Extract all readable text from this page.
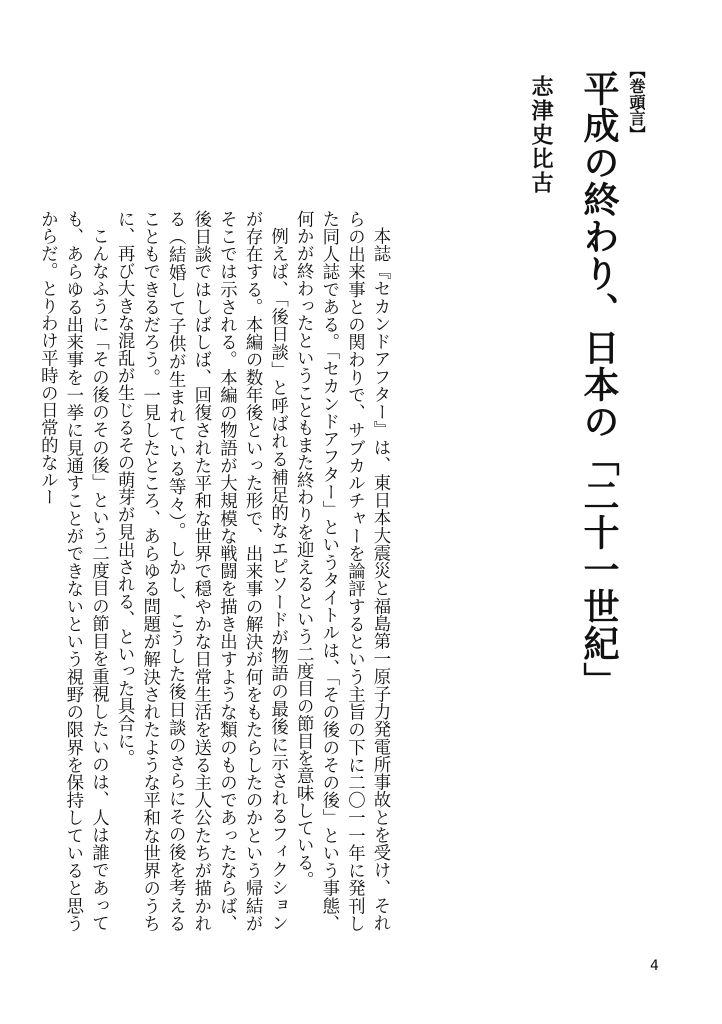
【巻頭言】
平成の終わり、日本の「二十一世紀」
志津史比古

本誌『セカンドアフター』は、東日本大震災と福島第一原子力発電所事故とを受け、それらの出来事との関わりで、サブカルチャーを論評するという主旨の下に二〇一一年に発刊した同人誌である。「セカンドアフター」というタイトルは、「その後のその後」という事態、何かが終わったということもまた終わりを迎えるという二度目の節目を意味している。

例えば、「後日談」と呼ばれる補足的なエピソードが物語の最後に示されるフィクションが存在する。本編の数年後といった形で、出来事の解決が何をもたらしたのかという帰結がそこでは示される。本編の物語が大規模な戦闘を描き出すような類のものであったならば、後日談ではしばしば、回復された平和な世界で穏やかな日常生活を送る主人公たちが描かれる（結婚して子供が生まれている等々）。しかし、こうした後日談のさらにその後を考えることもできるだろう。一見したところ、あらゆる問題が解決されたような平和な世界のうちに、再び大きな混乱が生じるその萌芽が見出される、といった具合に。

こんなふうに「その後のその後」という二度目の節目を重視したいのは、人は誰であっても、あらゆる出来事を一挙に見通すことができないという視野の限界を保持していると思うからだ。とりわけ平時の日常的なルー

4
